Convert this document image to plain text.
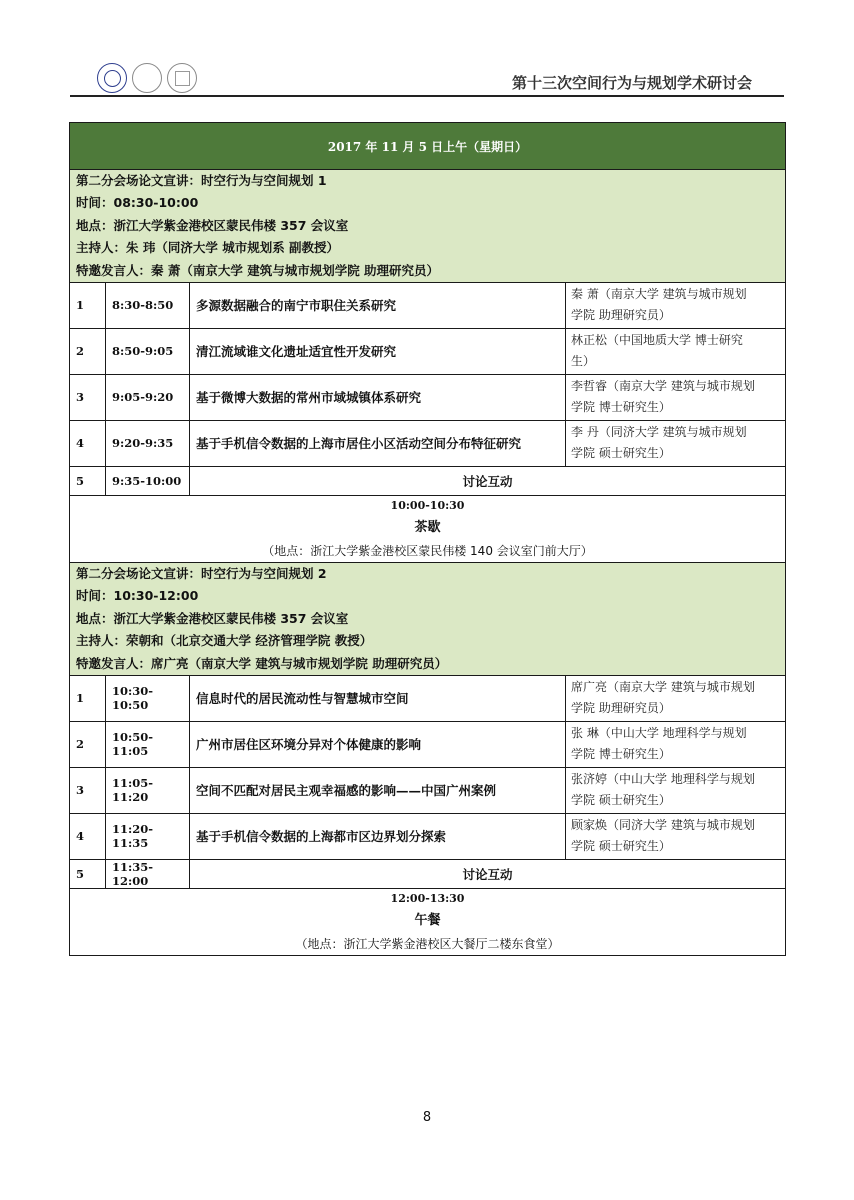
第十三次空间行为与规划学术研讨会
2017 年 11 月 5 日上午（星期日）			

第二分会场论文宣讲：时空行为与空间规划 1
时间：08:30-10:00
地点：浙江大学紫金港校区蒙民伟楼 357 会议室
主持人：朱 玮（同济大学 城市规划系 副教授）
特邀发言人：秦 萧（南京大学 建筑与城市规划学院 助理研究员）			

1	8:30-8:50	多源数据融合的南宁市职住关系研究	秦 萧（南京大学 建筑与城市规划
学院 助理研究员）

2	8:50-9:05	清江流域谁文化遗址适宜性开发研究	林正松（中国地质大学 博士研究
生）

3	9:05-9:20	基于微博大数据的常州市域城镇体系研究	李哲睿（南京大学 建筑与城市规划
学院 博士研究生）

4	9:20-9:35	基于手机信令数据的上海市居住小区活动空间分布特征研究	李 丹（同济大学 建筑与城市规划
学院 硕士研究生）

5	9:35-10:00	讨论互动	

10:00-10:30
茶歇
（地点：浙江大学紫金港校区蒙民伟楼 140 会议室门前大厅）			

第二分会场论文宣讲：时空行为与空间规划 2
时间：10:30-12:00
地点：浙江大学紫金港校区蒙民伟楼 357 会议室
主持人：荣朝和（北京交通大学 经济管理学院 教授）
特邀发言人：席广亮（南京大学 建筑与城市规划学院 助理研究员）			

1	10:30-10:50	信息时代的居民流动性与智慧城市空间	席广亮（南京大学 建筑与城市规划
学院 助理研究员）

2	10:50-11:05	广州市居住区环境分异对个体健康的影响	张 琳（中山大学 地理科学与规划
学院 博士研究生）

3	11:05-11:20	空间不匹配对居民主观幸福感的影响——中国广州案例	张济婷（中山大学 地理科学与规划
学院 硕士研究生）

4	11:20-11:35	基于手机信令数据的上海都市区边界划分探索	顾家焕（同济大学 建筑与城市规划
学院 硕士研究生）

5	11:35-12:00	讨论互动	

12:00-13:30
午餐
（地点：浙江大学紫金港校区大餐厅二楼东食堂）			
8
